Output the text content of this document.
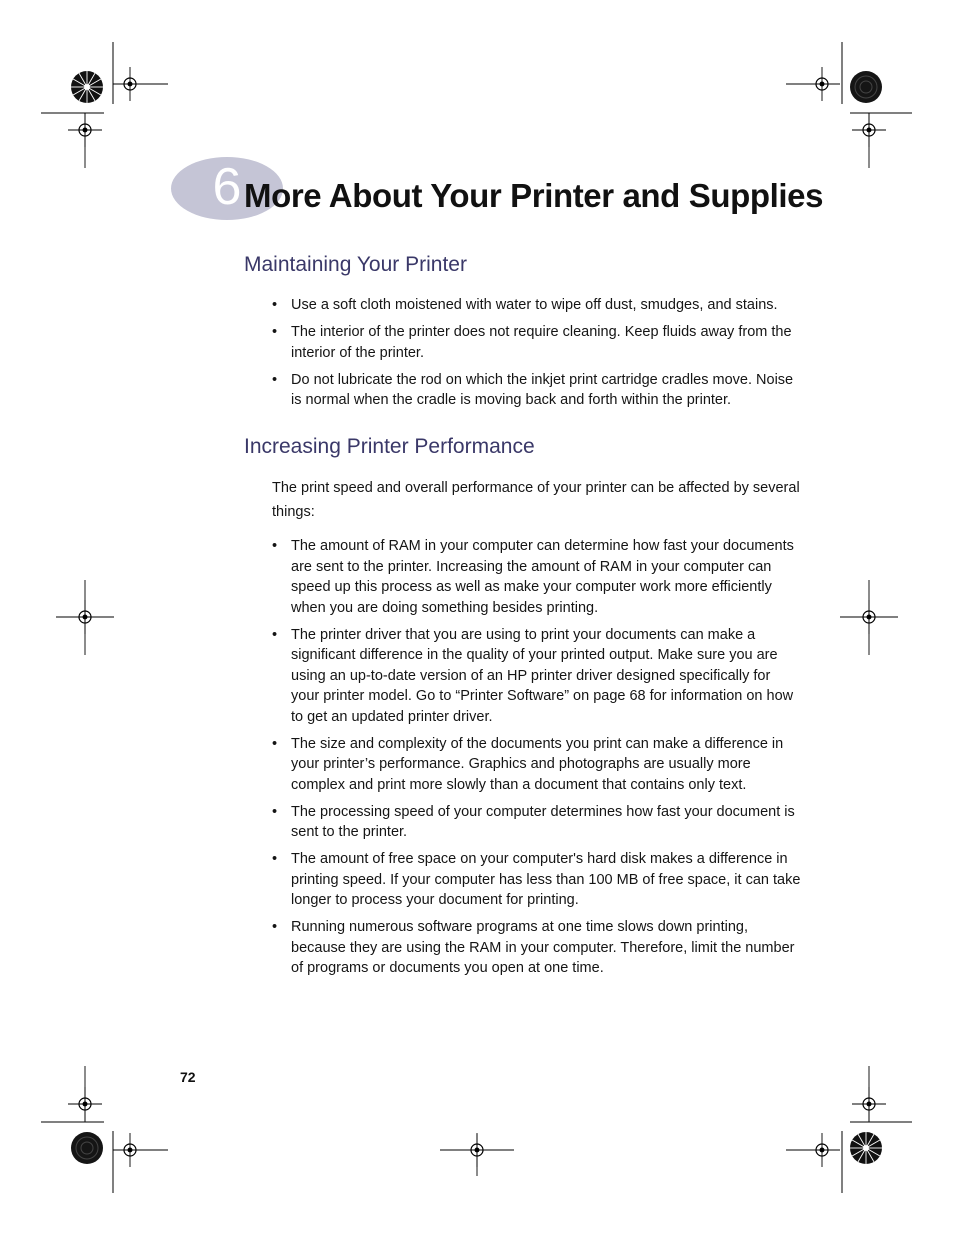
6 More About Your Printer and Supplies
Maintaining Your Printer
• Use a soft cloth moistened with water to wipe off dust, smudges, and stains.
• The interior of the printer does not require cleaning. Keep fluids away from the interior of the printer.
• Do not lubricate the rod on which the inkjet print cartridge cradles move. Noise is normal when the cradle is moving back and forth within the printer.
Increasing Printer Performance

The print speed and overall performance of your printer can be affected by several things:

• The amount of RAM in your computer can determine how fast your documents are sent to the printer. Increasing the amount of RAM in your computer can speed up this process as well as make your computer work more efficiently when you are doing something besides printing.
• The printer driver that you are using to print your documents can make a significant difference in the quality of your printed output. Make sure you are using an up-to-date version of an HP printer driver designed specifically for your printer model. Go to “Printer Software” on page 68 for information on how to get an updated printer driver.
• The size and complexity of the documents you print can make a difference in your printer’s performance. Graphics and photographs are usually more complex and print more slowly than a document that contains only text.
• The processing speed of your computer determines how fast your document is sent to the printer.
• The amount of free space on your computer's hard disk makes a difference in printing speed. If your computer has less than 100 MB of free space, it can take longer to process your document for printing.
• Running numerous software programs at one time slows down printing, because they are using the RAM in your computer. Therefore, limit the number of programs or documents you open at one time.
72
